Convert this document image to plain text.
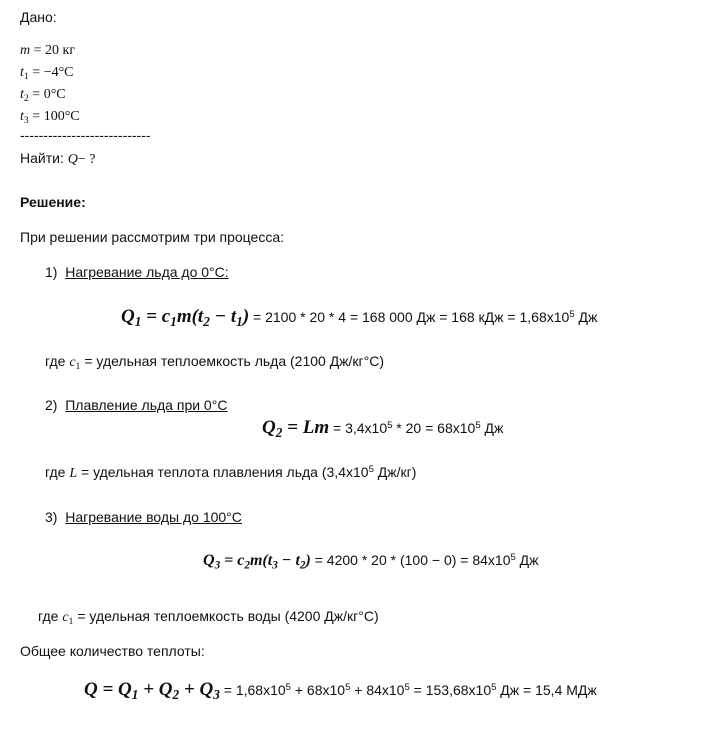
Дано:
m = 20 кг
$t_1 = -4^\circ C$
$t_2 = 0^\circ C$
$t_3 = 100^\circ C$
----------------------------
Найти: Q− ?
Решение:
При решении рассмотрим три процесса:
1) Нагревание льда до 0°C:
$Q_1 = c_1m(t_2 - t_1) = 2100 * 20 * 4 = 168$ 000 Дж = 168 кДж = $1,68x10^5$ Дж
где $c_1$ = удельная теплоемкость льда (2100 Дж/кг°C)
2) Плавление льда при 0°C
$Q_2 = Lm = 3,4x10^5 * 20 = 68x10^5$ Дж
где L = удельная теплота плавления льда ($3,4x10^5$ Дж/кг)
3) Нагревание воды до 100°C
$Q_3 = c_2m(t_3 - t_2) = 4200 * 20 * (100 - 0) = 84x10^5$ Дж
где $c_1$ = удельная теплоемкость воды (4200 Дж/кг°C)
Общее количество теплоты:
$Q = Q_1 + Q_2 + Q_3 = 1,68x10^5 + 68x10^5 + 84x10^5 = 153,68x10^5$ Дж = 15,4 МДж
